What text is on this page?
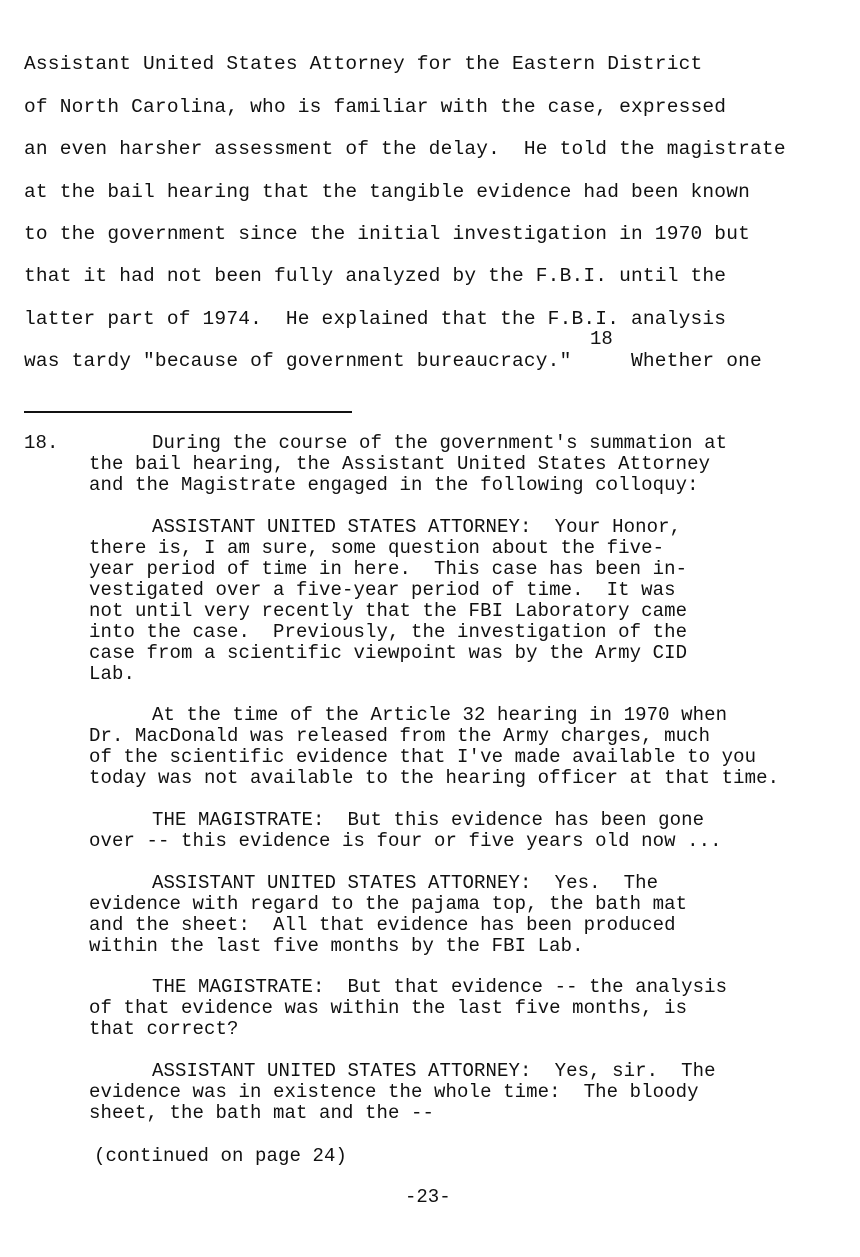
Assistant United States Attorney for the Eastern District
of North Carolina, who is familiar with the case, expressed
an even harsher assessment of the delay.  He told the magistrate
at the bail hearing that the tangible evidence had been known
to the government since the initial investigation in 1970 but
that it had not been fully analyzed by the F.B.I. until the
latter part of 1974.  He explained that the F.B.I. analysis
18
was tardy "because of government bureaucracy."     Whether one
18.	During the course of the government's summation at
the bail hearing, the Assistant United States Attorney
and the Magistrate engaged in the following colloquy:
ASSISTANT UNITED STATES ATTORNEY:  Your Honor,
there is, I am sure, some question about the five-
year period of time in here.  This case has been in-
vestigated over a five-year period of time.  It was
not until very recently that the FBI Laboratory came
into the case.  Previously, the investigation of the
case from a scientific viewpoint was by the Army CID
Lab.
At the time of the Article 32 hearing in 1970 when
Dr. MacDonald was released from the Army charges, much
of the scientific evidence that I've made available to you
today was not available to the hearing officer at that time.
THE MAGISTRATE:  But this evidence has been gone
over -- this evidence is four or five years old now ...
ASSISTANT UNITED STATES ATTORNEY:  Yes.  The
evidence with regard to the pajama top, the bath mat
and the sheet:  All that evidence has been produced
within the last five months by the FBI Lab.
THE MAGISTRATE:  But that evidence -- the analysis
of that evidence was within the last five months, is
that correct?
ASSISTANT UNITED STATES ATTORNEY:  Yes, sir.  The
evidence was in existence the whole time:  The bloody
sheet, the bath mat and the --
(continued on page 24)
-23-
